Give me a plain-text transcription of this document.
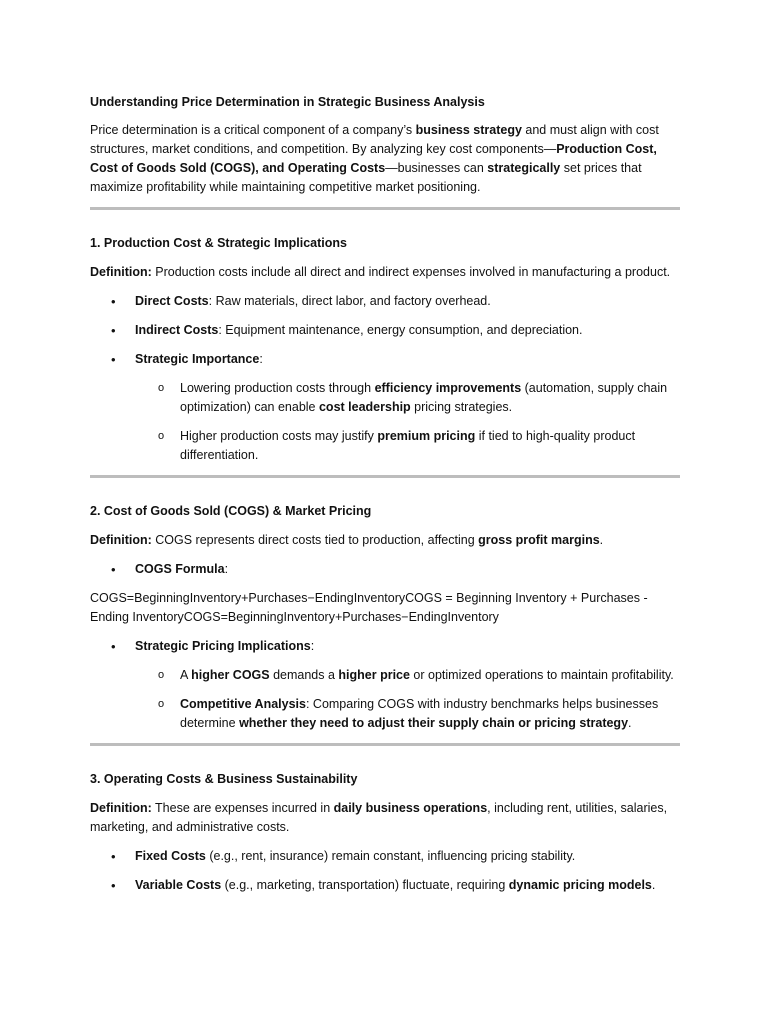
Understanding Price Determination in Strategic Business Analysis

Price determination is a critical component of a company’s business strategy and must align with cost structures, market conditions, and competition. By analyzing key cost components—Production Cost, Cost of Goods Sold (COGS), and Operating Costs—businesses can strategically set prices that maximize profitability while maintaining competitive market positioning.

1. Production Cost & Strategic Implications

Definition: Production costs include all direct and indirect expenses involved in manufacturing a product.

• Direct Costs: Raw materials, direct labor, and factory overhead.
• Indirect Costs: Equipment maintenance, energy consumption, and depreciation.
• Strategic Importance:
o Lowering production costs through efficiency improvements (automation, supply chain optimization) can enable cost leadership pricing strategies.
o Higher production costs may justify premium pricing if tied to high-quality product differentiation.

2. Cost of Goods Sold (COGS) & Market Pricing

Definition: COGS represents direct costs tied to production, affecting gross profit margins.

• COGS Formula:

COGS=BeginningInventory+Purchases−EndingInventoryCOGS = Beginning Inventory + Purchases - Ending InventoryCOGS=BeginningInventory+Purchases−EndingInventory

• Strategic Pricing Implications:
o A higher COGS demands a higher price or optimized operations to maintain profitability.
o Competitive Analysis: Comparing COGS with industry benchmarks helps businesses determine whether they need to adjust their supply chain or pricing strategy.

3. Operating Costs & Business Sustainability

Definition: These are expenses incurred in daily business operations, including rent, utilities, salaries, marketing, and administrative costs.

• Fixed Costs (e.g., rent, insurance) remain constant, influencing pricing stability.
• Variable Costs (e.g., marketing, transportation) fluctuate, requiring dynamic pricing models.
